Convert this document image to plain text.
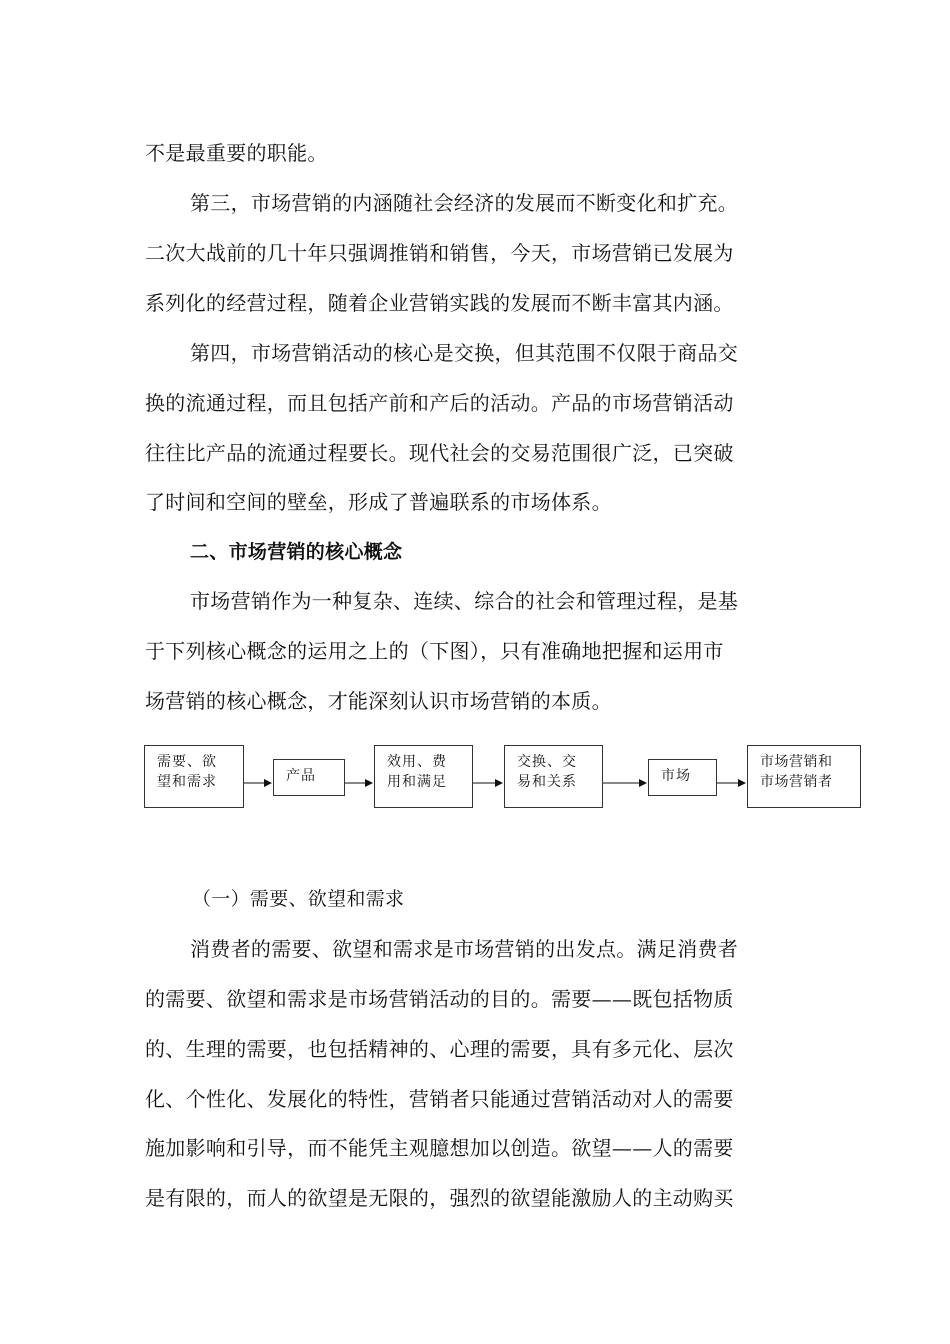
不是最重要的职能。
第三，市场营销的内涵随社会经济的发展而不断变化和扩充。
二次大战前的几十年只强调推销和销售，今天，市场营销已发展为
系列化的经营过程，随着企业营销实践的发展而不断丰富其内涵。
第四，市场营销活动的核心是交换，但其范围不仅限于商品交
换的流通过程，而且包括产前和产后的活动。产品的市场营销活动
往往比产品的流通过程要长。现代社会的交易范围很广泛，已突破
了时间和空间的壁垒，形成了普遍联系的市场体系。
二、市场营销的核心概念
市场营销作为一种复杂、连续、综合的社会和管理过程，是基
于下列核心概念的运用之上的（下图），只有准确地把握和运用市
场营销的核心概念，才能深刻认识市场营销的本质。
需要、欲
望和需求	产品
效用、费
用和满足
交换、交
易和关系	市场
市场营销和
市场营销者
（一）需要、欲望和需求
消费者的需要、欲望和需求是市场营销的出发点。满足消费者
的需要、欲望和需求是市场营销活动的目的。需要——既包括物质
的、生理的需要，也包括精神的、心理的需要，具有多元化、层次
化、个性化、发展化的特性，营销者只能通过营销活动对人的需要
施加影响和引导，而不能凭主观臆想加以创造。欲望——人的需要
是有限的，而人的欲望是无限的，强烈的欲望能激励人的主动购买
